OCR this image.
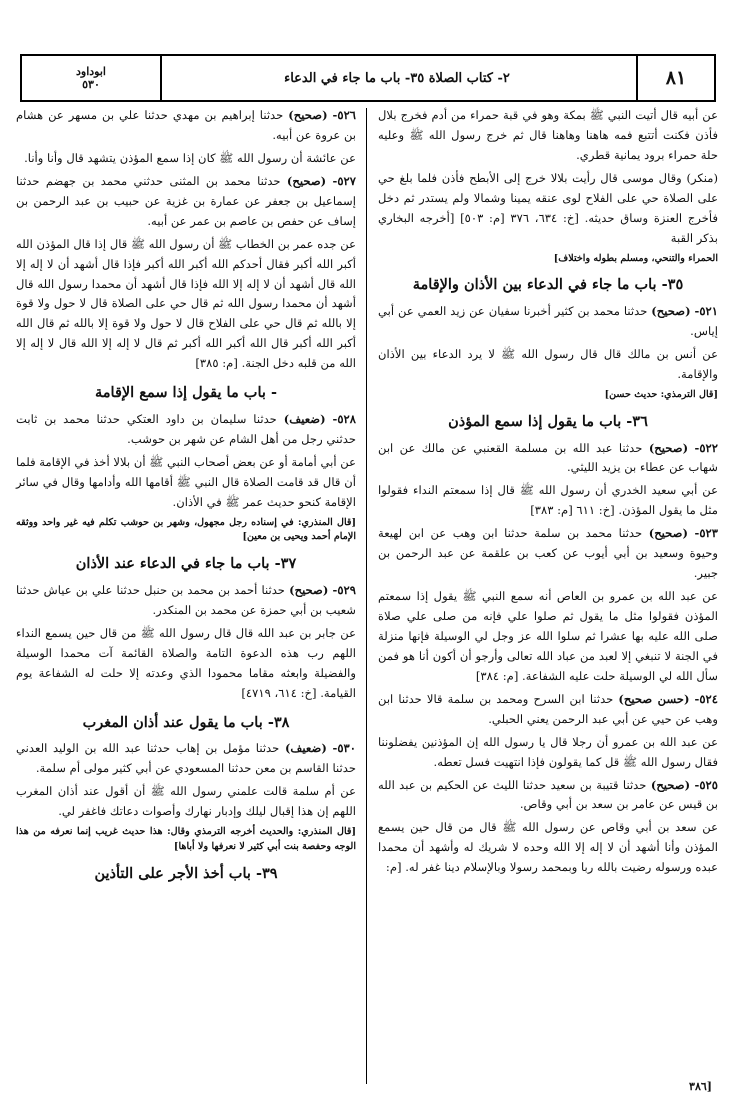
٨١
٢- كتاب الصلاة ٣٥- باب ما جاء في الدعاء
ابوداود
٥٣٠

عن أبيه قال أتيت النبي ﷺ بمكة وهو في قبة حمراء من أدم فخرج بلال فأذن فكنت أتتبع فمه هاهنا وهاهنا قال ثم خرج رسول الله ﷺ وعليه حلة حمراء برود يمانية قطري.

(منكر) وقال موسى قال رأيت بلالا خرج إلى الأبطح فأذن فلما بلغ حي على الصلاة حي على الفلاح لوى عنقه يمينا وشمالا ولم يستدر ثم دخل فأخرج العنزة وساق حديثه. [خ: ٦٣٤، ٣٧٦ [م: ٥٠٣] [أخرجه البخاري بذكر القبة

الحمراء والتنحي، ومسلم بطوله واختلاف]

٣٥- باب ما جاء في الدعاء بين الأذان والإقامة

٥٢١- (صحيح) حدثنا محمد بن كثير أخبرنا سفيان عن زيد العمي عن أبي إياس.

عن أنس بن مالك قال قال رسول الله ﷺ لا يرد الدعاء بين الأذان والإقامة.

[قال الترمذي: حديث حسن]

٣٦- باب ما يقول إذا سمع المؤذن

٥٢٢- (صحيح) حدثنا عبد الله بن مسلمة القعنبي عن مالك عن ابن شهاب عن عطاء بن يزيد الليثي.

عن أبي سعيد الخدري أن رسول الله ﷺ قال إذا سمعتم النداء فقولوا مثل ما يقول المؤذن. [خ: ٦١١ [م: ٣٨٣]

٥٢٣- (صحيح) حدثنا محمد بن سلمة حدثنا ابن وهب عن ابن لهيعة وحيوة وسعيد بن أبي أيوب عن كعب بن علقمة عن عبد الرحمن بن جبير.

عن عبد الله بن عمرو بن العاص أنه سمع النبي ﷺ يقول إذا سمعتم المؤذن فقولوا مثل ما يقول ثم صلوا علي فإنه من صلى علي صلاة صلى الله عليه بها عشرا ثم سلوا الله عز وجل لي الوسيلة فإنها منزلة في الجنة لا تنبغي إلا لعبد من عباد الله تعالى وأرجو أن أكون أنا هو فمن سأل الله لي الوسيلة حلت عليه الشفاعة. [م: ٣٨٤]

٥٢٤- (حسن صحيح) حدثنا ابن السرح ومحمد بن سلمة قالا حدثنا ابن وهب عن حيي عن أبي عبد الرحمن يعني الحبلي.

عن عبد الله بن عمرو أن رجلا قال يا رسول الله إن المؤذنين يفضلوننا فقال رسول الله ﷺ قل كما يقولون فإذا انتهيت فسل تعطه.

٥٢٥- (صحيح) حدثنا قتيبة بن سعيد حدثنا الليث عن الحكيم بن عبد الله بن قيس عن عامر بن سعد بن أبي وقاص.

عن سعد بن أبي وقاص عن رسول الله ﷺ قال من قال حين يسمع المؤذن وأنا أشهد أن لا إله إلا الله وحده لا شريك له وأشهد أن محمدا عبده ورسوله رضيت بالله ربا وبمحمد رسولا وبالإسلام دينا غفر له. [م:

٥٢٦- (صحيح) حدثنا إبراهيم بن مهدي حدثنا علي بن مسهر عن هشام بن عروة عن أبيه.

عن عائشة أن رسول الله ﷺ كان إذا سمع المؤذن يتشهد قال وأنا وأنا.

٥٢٧- (صحيح) حدثنا محمد بن المثنى حدثني محمد بن جهضم حدثنا إسماعيل بن جعفر عن عمارة بن غزية عن حبيب بن عبد الرحمن بن إساف عن حفص بن عاصم بن عمر عن أبيه.

عن جده عمر بن الخطاب ﷺ أن رسول الله ﷺ قال إذا قال المؤذن الله أكبر الله أكبر فقال أحدكم الله أكبر الله أكبر فإذا قال أشهد أن لا إله إلا الله قال أشهد أن لا إله إلا الله فإذا قال أشهد أن محمدا رسول الله قال أشهد أن محمدا رسول الله ثم قال حي على الصلاة قال لا حول ولا قوة إلا بالله ثم قال حي على الفلاح قال لا حول ولا قوة إلا بالله ثم قال الله أكبر الله أكبر قال الله أكبر الله أكبر ثم قال لا إله إلا الله قال لا إله إلا الله من قلبه دخل الجنة. [م: ٣٨٥]

- باب ما يقول إذا سمع الإقامة

٥٢٨- (ضعيف) حدثنا سليمان بن داود العتكي حدثنا محمد بن ثابت حدثني رجل من أهل الشام عن شهر بن حوشب.

عن أبي أمامة أو عن بعض أصحاب النبي ﷺ أن بلالا أخذ في الإقامة فلما أن قال قد قامت الصلاة قال النبي ﷺ أقامها الله وأدامها وقال في سائر الإقامة كنحو حديث عمر ﷺ في الأذان.

[قال المنذري: في إسناده رجل مجهول، وشهر بن حوشب تكلم فيه غير واحد ووثقه الإمام أحمد ويحيى بن معين]

٣٧- باب ما جاء في الدعاء عند الأذان

٥٢٩- (صحيح) حدثنا أحمد بن محمد بن حنبل حدثنا علي بن عياش حدثنا شعيب بن أبي حمزة عن محمد بن المنكدر.

عن جابر بن عبد الله قال قال رسول الله ﷺ من قال حين يسمع النداء اللهم رب هذه الدعوة التامة والصلاة القائمة آت محمدا الوسيلة والفضيلة وابعثه مقاما محمودا الذي وعدته إلا حلت له الشفاعة يوم القيامة. [خ: ٦١٤، ٤٧١٩]

٣٨- باب ما يقول عند أذان المغرب

٥٣٠- (ضعيف) حدثنا مؤمل بن إهاب حدثنا عبد الله بن الوليد العدني حدثنا القاسم بن معن حدثنا المسعودي عن أبي كثير مولى أم سلمة.

عن أم سلمة قالت علمني رسول الله ﷺ أن أقول عند أذان المغرب اللهم إن هذا إقبال ليلك وإدبار نهارك وأصوات دعاتك فاغفر لي.

[قال المنذري: والحديث أخرجه الترمذي وقال: هذا حديث غريب إنما نعرفه من هذا الوجه وحفصة بنت أبي كثير لا نعرفها ولا أباها]

٣٩- باب أخذ الأجر على التأذين
٣٨٦]
